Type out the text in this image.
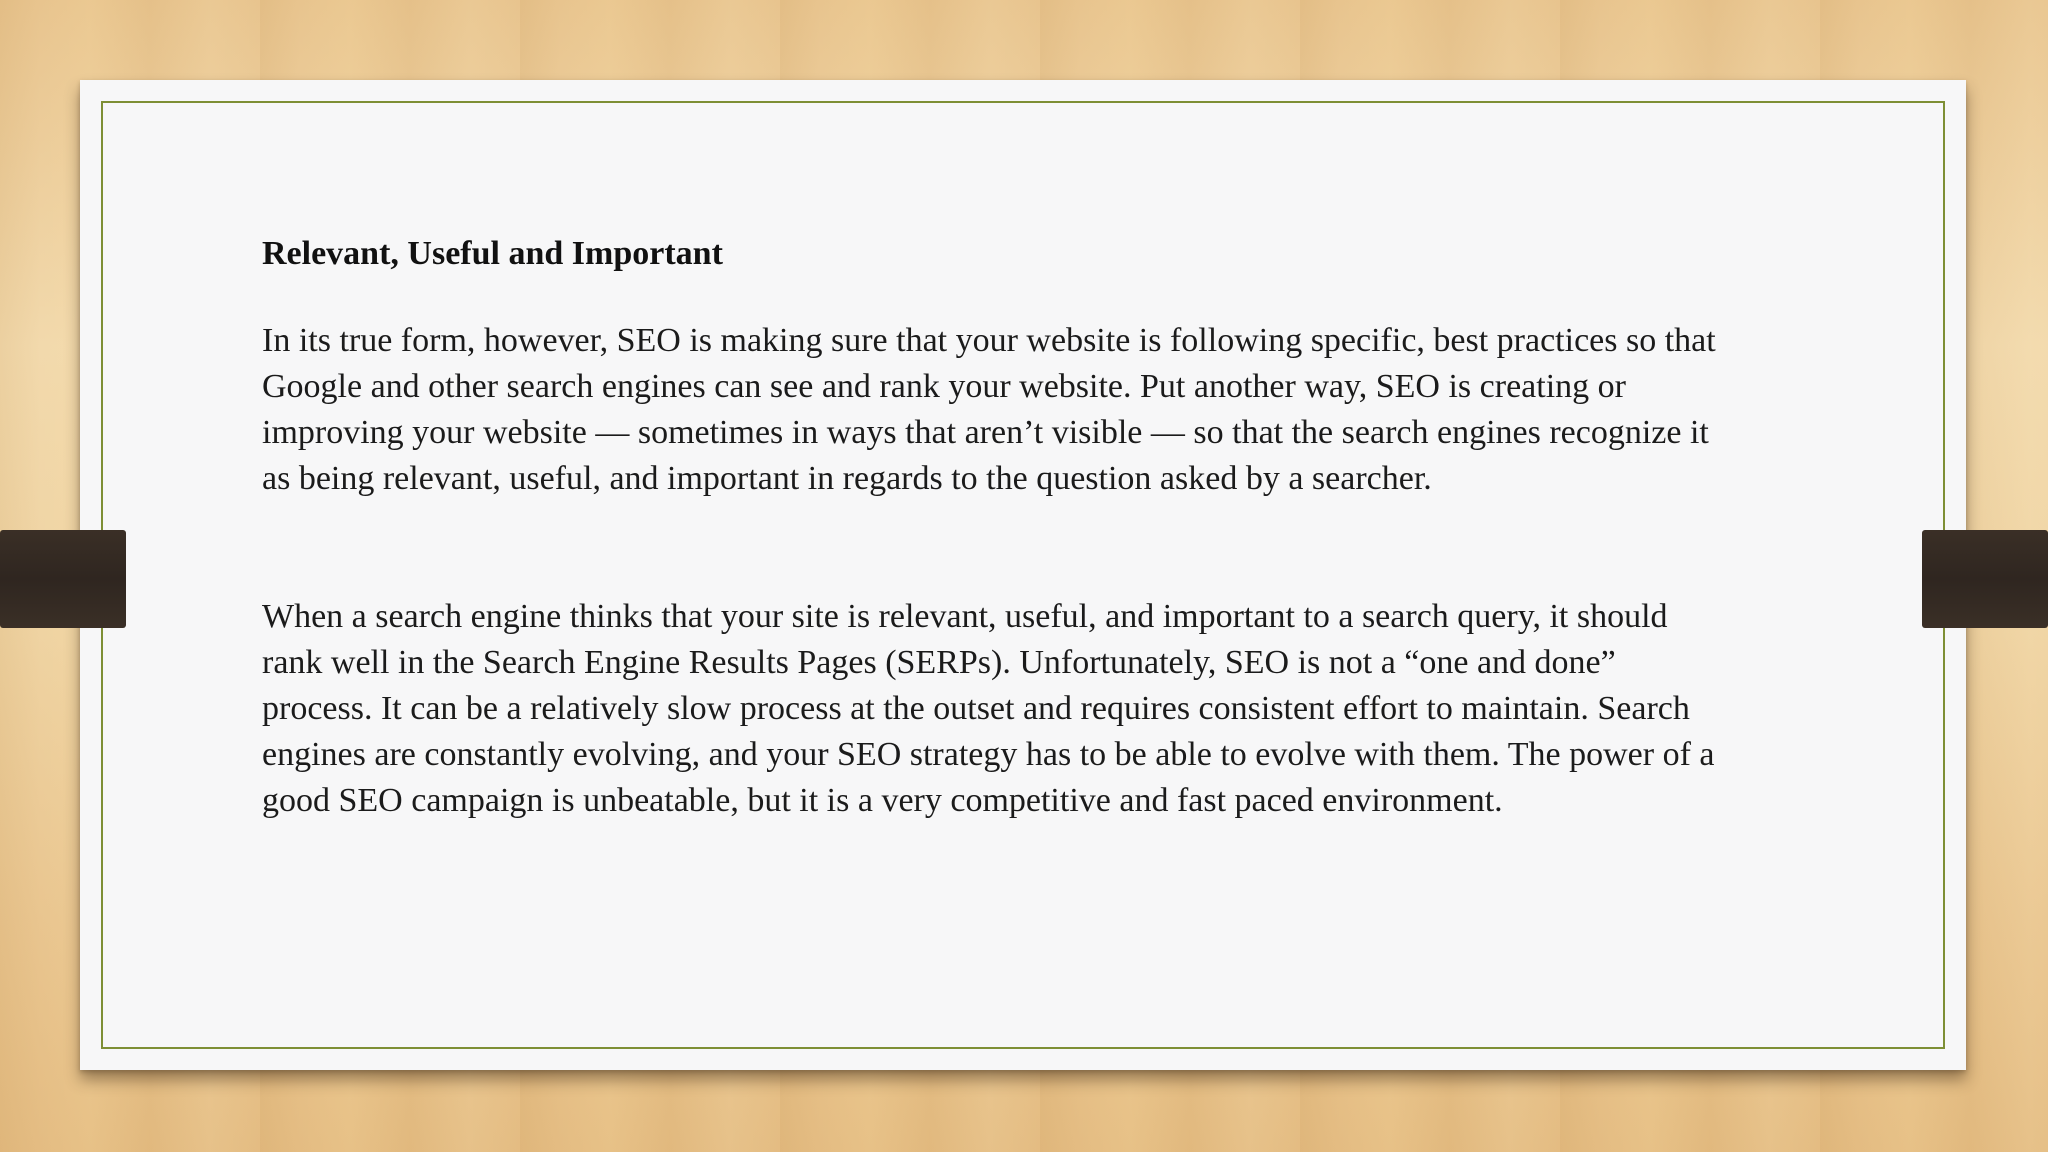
Relevant, Useful and Important

In its true form, however, SEO is making sure that your website is following specific, best practices so that Google and other search engines can see and rank your website. Put another way, SEO is creating or improving your website — sometimes in ways that aren’t visible — so that the search engines recognize it as being relevant, useful, and important in regards to the question asked by a searcher.

When a search engine thinks that your site is relevant, useful, and important to a search query, it should rank well in the Search Engine Results Pages (SERPs). Unfortunately, SEO is not a “one and done” process. It can be a relatively slow process at the outset and requires consistent effort to maintain. Search engines are constantly evolving, and your SEO strategy has to be able to evolve with them. The power of a good SEO campaign is unbeatable, but it is a very competitive and fast paced environment.
